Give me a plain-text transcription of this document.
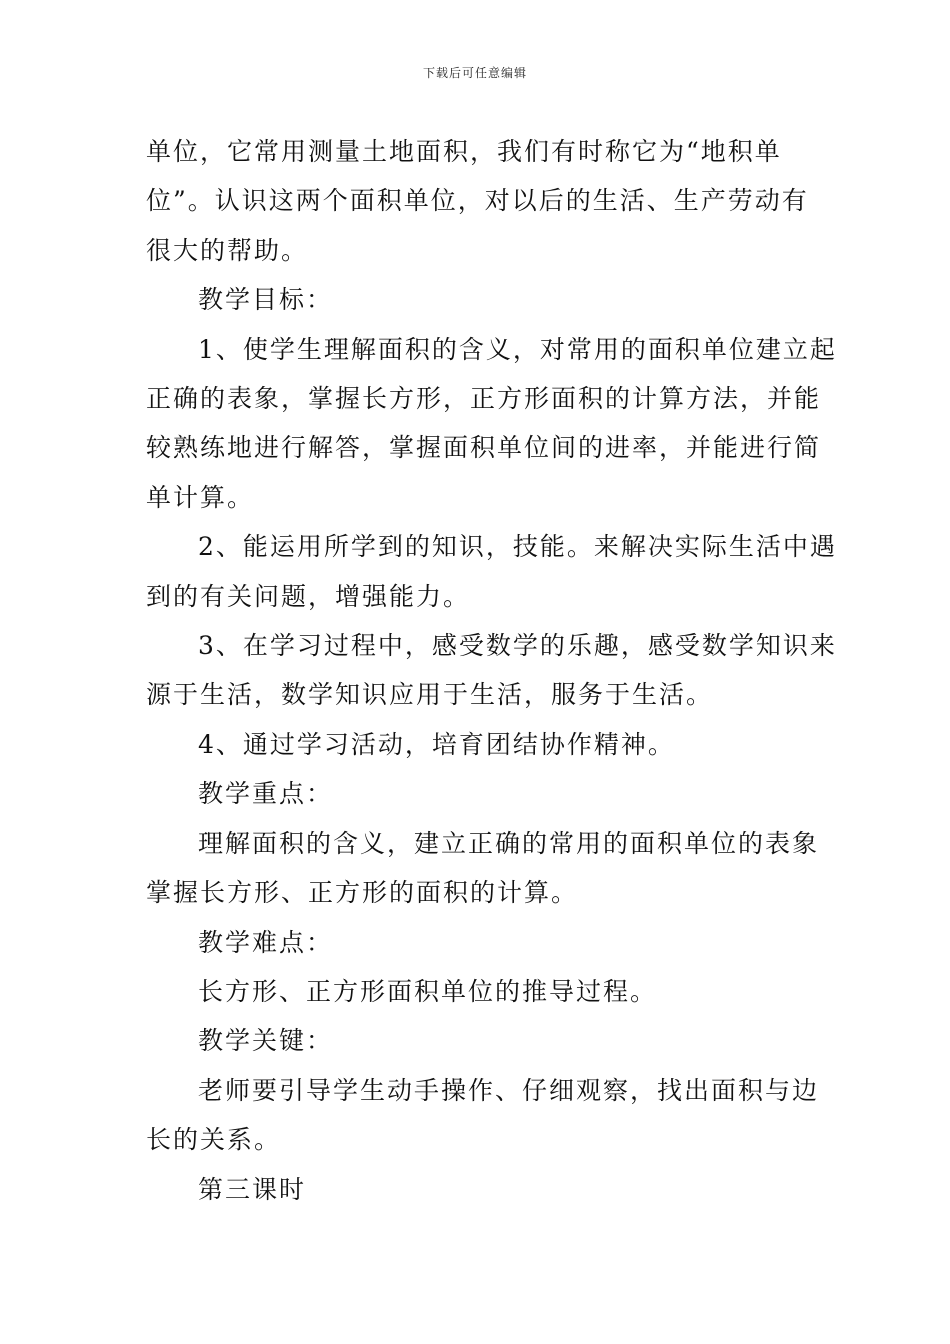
下载后可任意编辑
单位，它常用测量土地面积，我们有时称它为“地积单
位”。认识这两个面积单位，对以后的生活、生产劳动有
很大的帮助。
教学目标：
1、使学生理解面积的含义，对常用的面积单位建立起
正确的表象，掌握长方形，正方形面积的计算方法，并能
较熟练地进行解答，掌握面积单位间的进率，并能进行简
单计算。
2、能运用所学到的知识，技能。来解决实际生活中遇
到的有关问题，增强能力。
3、在学习过程中，感受数学的乐趣，感受数学知识来
源于生活，数学知识应用于生活，服务于生活。
4、通过学习活动，培育团结协作精神。
教学重点：
理解面积的含义，建立正确的常用的面积单位的表象
掌握长方形、正方形的面积的计算。
教学难点：
长方形、正方形面积单位的推导过程。
教学关键：
老师要引导学生动手操作、仔细观察，找出面积与边
长的关系。
第三课时
